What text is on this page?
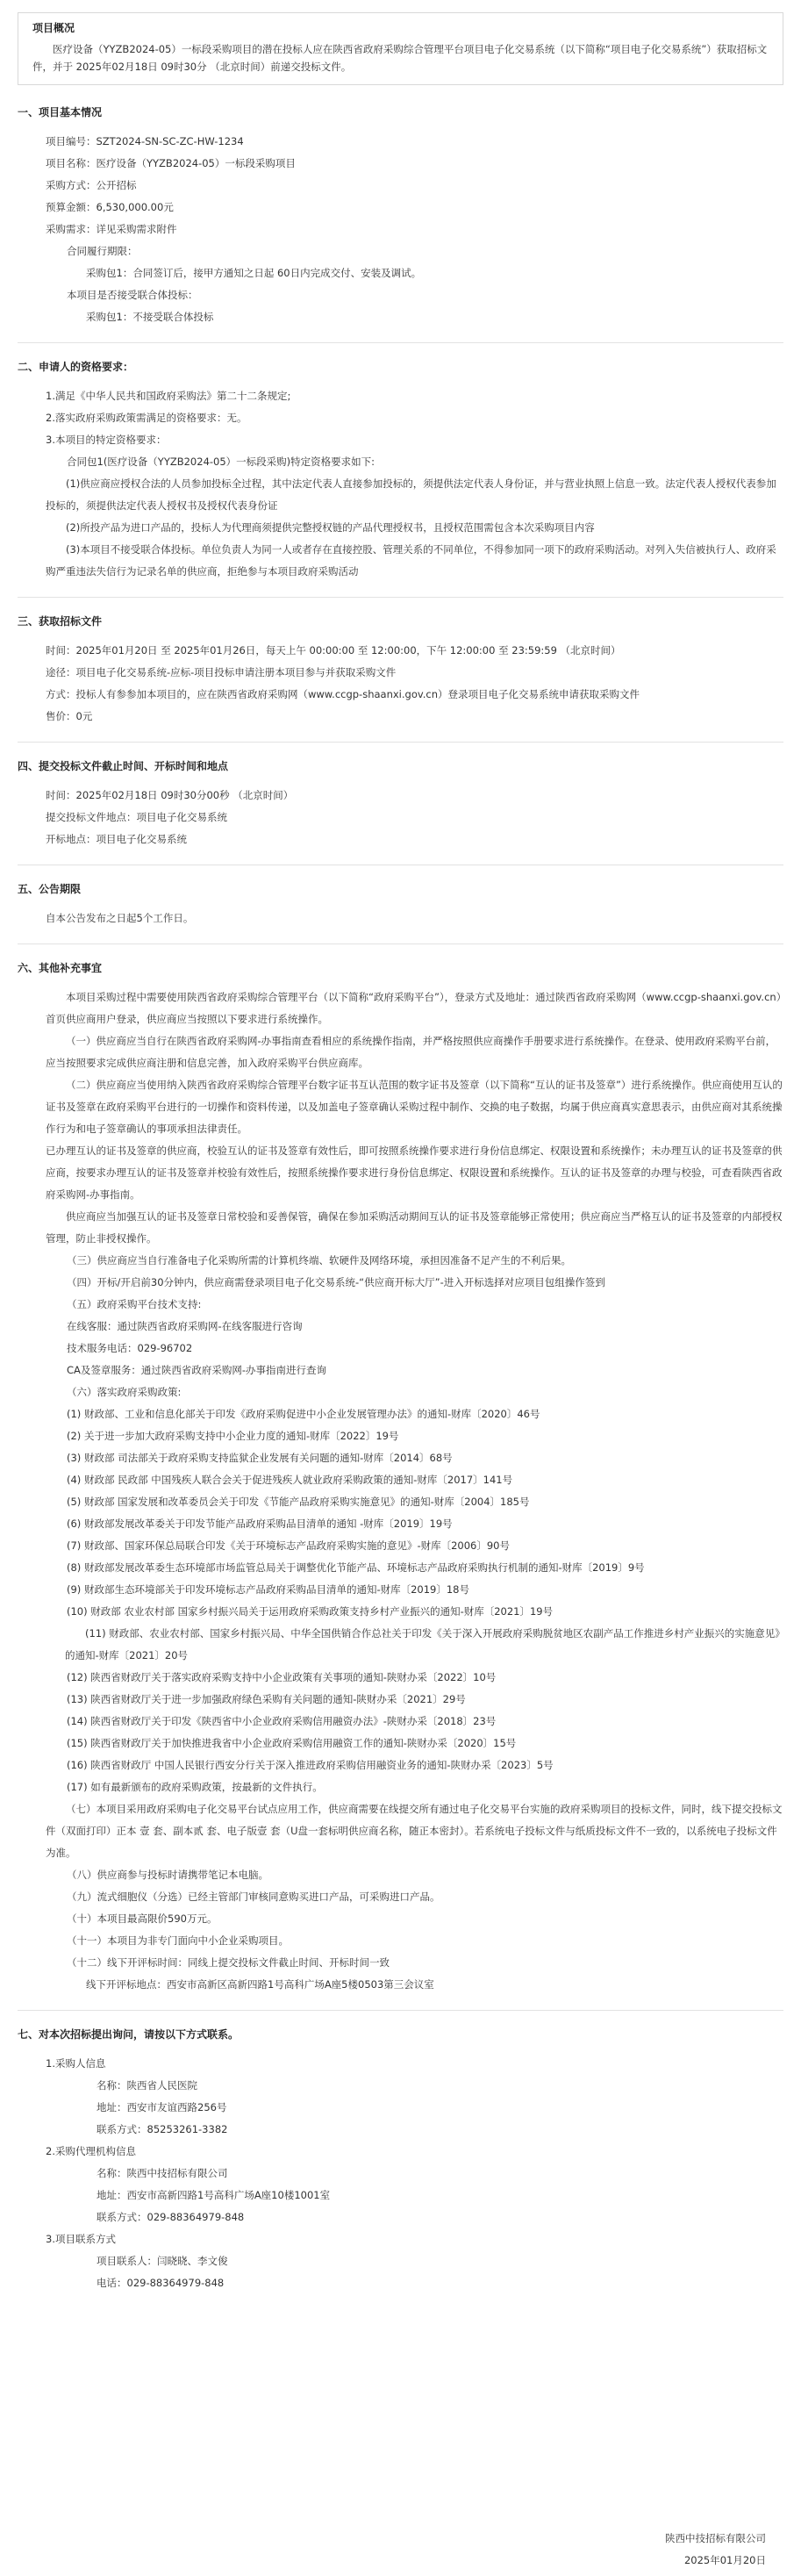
项目概况
医疗设备（YYZB2024-05）一标段采购项目的潜在投标人应在陕西省政府采购综合管理平台项目电子化交易系统（以下简称“项目电子化交易系统”）获取招标文件，并于 2025年02月18日 09时30分 （北京时间）前递交投标文件。
一、项目基本情况
项目编号：SZT2024-SN-SC-ZC-HW-1234
项目名称：医疗设备（YYZB2024-05）一标段采购项目
采购方式：公开招标
预算金额：6,530,000.00元
采购需求：详见采购需求附件
合同履行期限：
采购包1：合同签订后，接甲方通知之日起 60日内完成交付、安装及调试。
本项目是否接受联合体投标：
采购包1：不接受联合体投标
二、申请人的资格要求：
1.满足《中华人民共和国政府采购法》第二十二条规定;
2.落实政府采购政策需满足的资格要求：无。
3.本项目的特定资格要求：
合同包1(医疗设备（YYZB2024-05）一标段采购)特定资格要求如下:
(1)供应商应授权合法的人员参加投标全过程，其中法定代表人直接参加投标的，须提供法定代表人身份证，并与营业执照上信息一致。法定代表人授权代表参加投标的，须提供法定代表人授权书及授权代表身份证
(2)所投产品为进口产品的，投标人为代理商须提供完整授权链的产品代理授权书，且授权范围需包含本次采购项目内容
(3)本项目不接受联合体投标。单位负责人为同一人或者存在直接控股、管理关系的不同单位，不得参加同一项下的政府采购活动。对列入失信被执行人、政府采购严重违法失信行为记录名单的供应商，拒绝参与本项目政府采购活动
三、获取招标文件
时间：2025年01月20日 至 2025年01月26日，每天上午 00:00:00 至 12:00:00，下午 12:00:00 至 23:59:59 （北京时间）
途径：项目电子化交易系统-应标-项目投标申请注册本项目参与并获取采购文件
方式：投标人有参参加本项目的，应在陕西省政府采购网（www.ccgp-shaanxi.gov.cn）登录项目电子化交易系统申请获取采购文件
售价：0元
四、提交投标文件截止时间、开标时间和地点
时间：2025年02月18日 09时30分00秒 （北京时间）
提交投标文件地点：项目电子化交易系统
开标地点：项目电子化交易系统
五、公告期限
自本公告发布之日起5个工作日。
六、其他补充事宜
本项目采购过程中需要使用陕西省政府采购综合管理平台（以下简称“政府采购平台”），登录方式及地址：通过陕西省政府采购网（www.ccgp-shaanxi.gov.cn）首页供应商用户登录，供应商应当按照以下要求进行系统操作。
（一）供应商应当自行在陕西省政府采购网-办事指南查看相应的系统操作指南，并严格按照供应商操作手册要求进行系统操作。在登录、使用政府采购平台前，应当按照要求完成供应商注册和信息完善，加入政府采购平台供应商库。
（二）供应商应当使用纳入陕西省政府采购综合管理平台数字证书互认范围的数字证书及签章（以下简称“互认的证书及签章”）进行系统操作。供应商使用互认的证书及签章在政府采购平台进行的一切操作和资料传递，以及加盖电子签章确认采购过程中制作、交换的电子数据，均属于供应商真实意思表示，由供应商对其系统操作行为和电子签章确认的事项承担法律责任。
已办理互认的证书及签章的供应商，校验互认的证书及签章有效性后，即可按照系统操作要求进行身份信息绑定、权限设置和系统操作；未办理互认的证书及签章的供应商，按要求办理互认的证书及签章并校验有效性后，按照系统操作要求进行身份信息绑定、权限设置和系统操作。互认的证书及签章的办理与校验，可查看陕西省政府采购网-办事指南。
供应商应当加强互认的证书及签章日常校验和妥善保管，确保在参加采购活动期间互认的证书及签章能够正常使用；供应商应当严格互认的证书及签章的内部授权管理，防止非授权操作。
（三）供应商应当自行准备电子化采购所需的计算机终端、软硬件及网络环境，承担因准备不足产生的不利后果。
（四）开标/开启前30分钟内，供应商需登录项目电子化交易系统-“供应商开标大厅”-进入开标选择对应项目包组操作签到
（五）政府采购平台技术支持:
在线客服：通过陕西省政府采购网-在线客服进行咨询
技术服务电话：029-96702
CA及签章服务：通过陕西省政府采购网-办事指南进行查询
（六）落实政府采购政策:
(1) 财政部、工业和信息化部关于印发《政府采购促进中小企业发展管理办法》的通知-财库〔2020〕46号
(2) 关于进一步加大政府采购支持中小企业力度的通知-财库〔2022〕19号
(3) 财政部 司法部关于政府采购支持监狱企业发展有关问题的通知-财库〔2014〕68号
(4) 财政部 民政部 中国残疾人联合会关于促进残疾人就业政府采购政策的通知-财库〔2017〕141号
(5) 财政部 国家发展和改革委员会关于印发《节能产品政府采购实施意见》的通知-财库〔2004〕185号
(6) 财政部发展改革委关于印发节能产品政府采购品目清单的通知 -财库〔2019〕19号
(7) 财政部、国家环保总局联合印发《关于环境标志产品政府采购实施的意见》-财库〔2006〕90号
(8) 财政部发展改革委生态环境部市场监管总局关于调整优化节能产品、环境标志产品政府采购执行机制的通知-财库〔2019〕9号
(9) 财政部生态环境部关于印发环境标志产品政府采购品目清单的通知-财库〔2019〕18号
(10) 财政部 农业农村部 国家乡村振兴局关于运用政府采购政策支持乡村产业振兴的通知-财库〔2021〕19号
(11) 财政部、农业农村部、国家乡村振兴局、中华全国供销合作总社关于印发《关于深入开展政府采购脱贫地区农副产品工作推进乡村产业振兴的实施意见》的通知-财库〔2021〕20号
(12) 陕西省财政厅关于落实政府采购支持中小企业政策有关事项的通知-陕财办采〔2022〕10号
(13) 陕西省财政厅关于进一步加强政府绿色采购有关问题的通知-陕财办采〔2021〕29号
(14) 陕西省财政厅关于印发《陕西省中小企业政府采购信用融资办法》-陕财办采〔2018〕23号
(15) 陕西省财政厅关于加快推进我省中小企业政府采购信用融资工作的通知-陕财办采〔2020〕15号
(16) 陕西省财政厅 中国人民银行西安分行关于深入推进政府采购信用融资业务的通知-陕财办采〔2023〕5号
(17) 如有最新颁布的政府采购政策，按最新的文件执行。
（七）本项目采用政府采购电子化交易平台试点应用工作，供应商需要在线提交所有通过电子化交易平台实施的政府采购项目的投标文件，同时，线下提交投标文件（双面打印）正本 壹 套、副本贰 套、电子版壹 套（U盘一套标明供应商名称，随正本密封）。若系统电子投标文件与纸质投标文件不一致的，以系统电子投标文件为准。
（八）供应商参与投标时请携带笔记本电脑。
（九）流式细胞仪（分选）已经主管部门审核同意购买进口产品，可采购进口产品。
（十）本项目最高限价590万元。
（十一）本项目为非专门面向中小企业采购项目。
（十二）线下开评标时间：同线上提交投标文件截止时间、开标时间一致
线下开评标地点：西安市高新区高新四路1号高科广场A座5楼0503第三会议室
七、对本次招标提出询问，请按以下方式联系。
1.采购人信息
名称：陕西省人民医院
地址：西安市友谊西路256号
联系方式：85253261-3382
2.采购代理机构信息
名称：陕西中技招标有限公司
地址：西安市高新四路1号高科广场A座10楼1001室
联系方式：029-88364979-848
3.项目联系方式
项目联系人：闫晓晓、李文俊
电话：029-88364979-848
陕西中技招标有限公司
2025年01月20日
